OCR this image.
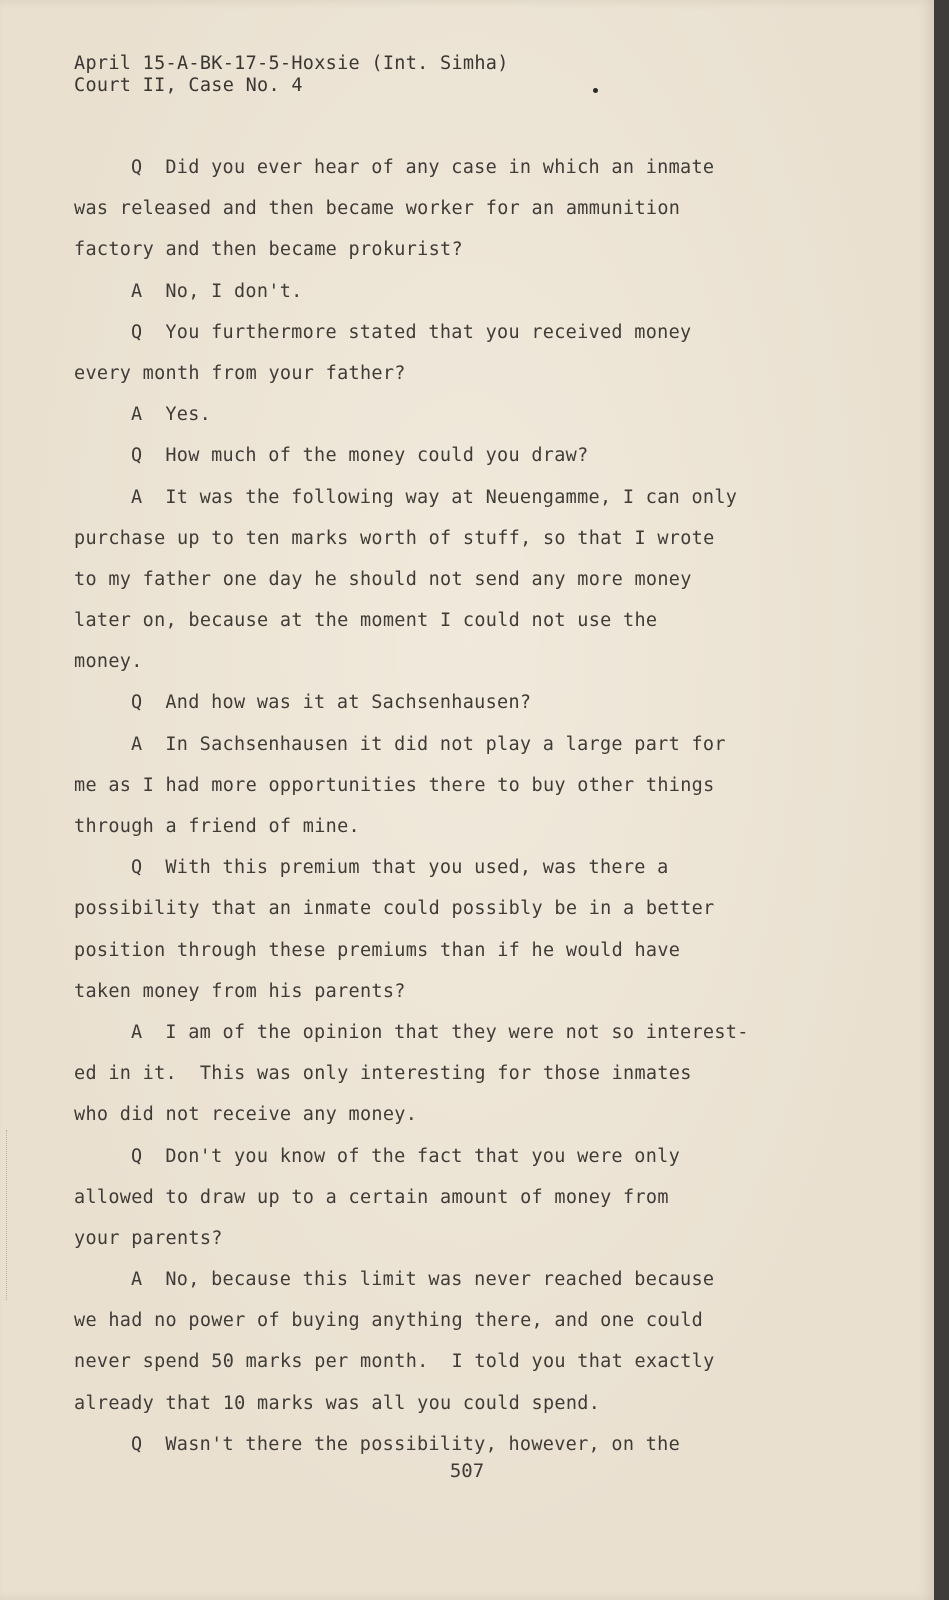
April 15-A-BK-17-5-Hoxsie (Int. Simha)
Court II, Case No. 4
Q  Did you ever hear of any case in which an inmate
was released and then became worker for an ammunition
factory and then became prokurist?
A  No, I don't.
Q  You furthermore stated that you received money
every month from your father?
A  Yes.
Q  How much of the money could you draw?
A  It was the following way at Neuengamme, I can only
purchase up to ten marks worth of stuff, so that I wrote
to my father one day he should not send any more money
later on, because at the moment I could not use the
money.
Q  And how was it at Sachsenhausen?
A  In Sachsenhausen it did not play a large part for
me as I had more opportunities there to buy other things
through a friend of mine.
Q  With this premium that you used, was there a
possibility that an inmate could possibly be in a better
position through these premiums than if he would have
taken money from his parents?
A  I am of the opinion that they were not so interest-
ed in it.  This was only interesting for those inmates
who did not receive any money.
Q  Don't you know of the fact that you were only
allowed to draw up to a certain amount of money from
your parents?
A  No, because this limit was never reached because
we had no power of buying anything there, and one could
never spend 50 marks per month.  I told you that exactly
already that 10 marks was all you could spend.
Q  Wasn't there the possibility, however, on the
507
